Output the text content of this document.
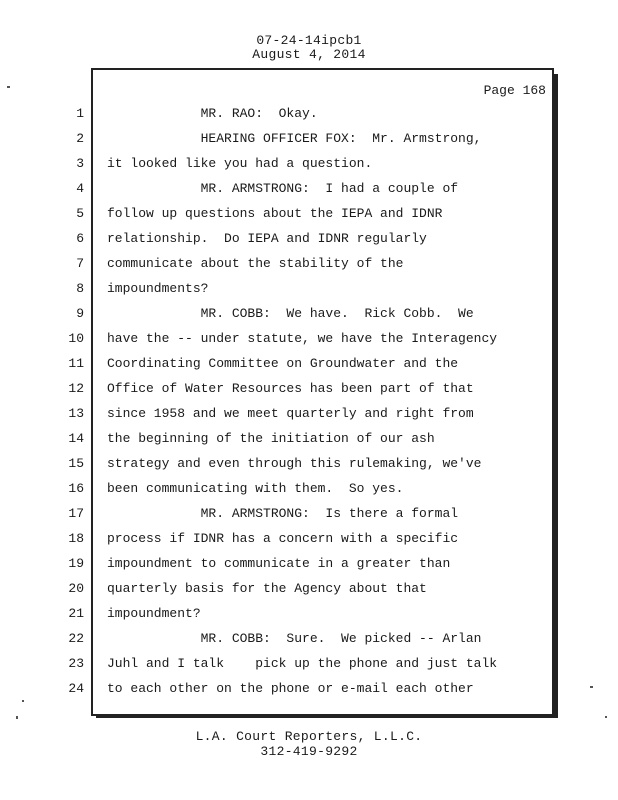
07-24-14ipcb1
August 4, 2014
Page 168
1 MR. RAO:  Okay.
2 HEARING OFFICER FOX:  Mr. Armstrong,
3 it looked like you had a question.
4 MR. ARMSTRONG:  I had a couple of
5 follow up questions about the IEPA and IDNR
6 relationship.  Do IEPA and IDNR regularly
7 communicate about the stability of the
8 impoundments?
9 MR. COBB:  We have.  Rick Cobb.  We
10 have the -- under statute, we have the Interagency
11 Coordinating Committee on Groundwater and the
12 Office of Water Resources has been part of that
13 since 1958 and we meet quarterly and right from
14 the beginning of the initiation of our ash
15 strategy and even through this rulemaking, we've
16 been communicating with them.  So yes.
17 MR. ARMSTRONG:  Is there a formal
18 process if IDNR has a concern with a specific
19 impoundment to communicate in a greater than
20 quarterly basis for the Agency about that
21 impoundment?
22 MR. COBB:  Sure.  We picked -- Arlan
23 Juhl and I talk    pick up the phone and just talk
24 to each other on the phone or e-mail each other
L.A. Court Reporters, L.L.C.
312-419-9292
